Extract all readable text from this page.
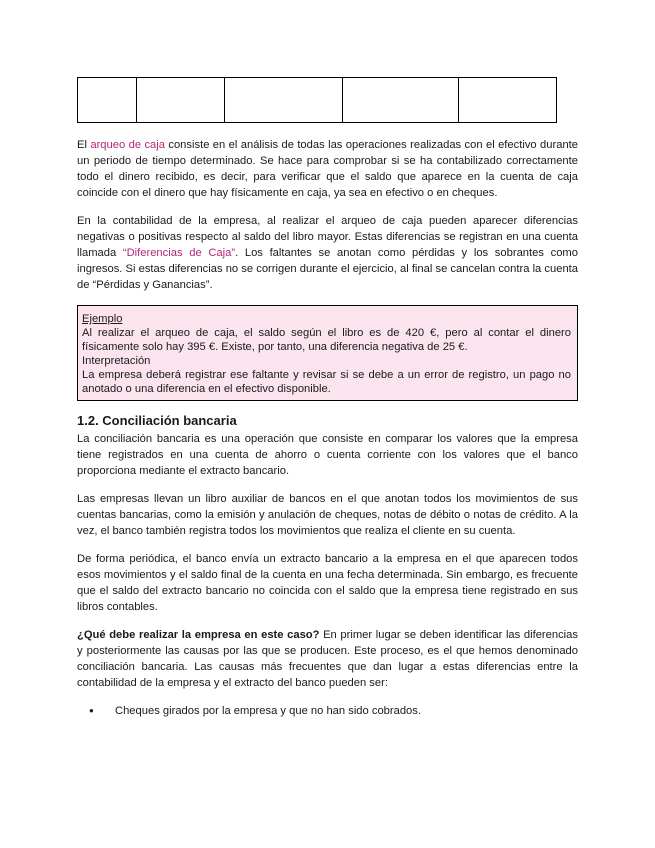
El arqueo de caja consiste en el análisis de todas las operaciones realizadas con el efectivo durante un periodo de tiempo determinado. Se hace para comprobar si se ha contabilizado correctamente todo el dinero recibido, es decir, para verificar que el saldo que aparece en la cuenta de caja coincide con el dinero que hay físicamente en caja, ya sea en efectivo o en cheques.

En la contabilidad de la empresa, al realizar el arqueo de caja pueden aparecer diferencias negativas o positivas respecto al saldo del libro mayor. Estas diferencias se registran en una cuenta llamada “Diferencias de Caja”. Los faltantes se anotan como pérdidas y los sobrantes como ingresos. Si estas diferencias no se corrigen durante el ejercicio, al final se cancelan contra la cuenta de “Pérdidas y Ganancias”.

Ejemplo
Al realizar el arqueo de caja, el saldo según el libro es de 420 €, pero al contar el dinero físicamente solo hay 395 €. Existe, por tanto, una diferencia negativa de 25 €.
Interpretación
La empresa deberá registrar ese faltante y revisar si se debe a un error de registro, un pago no anotado o una diferencia en el efectivo disponible.
1.2. Conciliación bancaria

La conciliación bancaria es una operación que consiste en comparar los valores que la empresa tiene registrados en una cuenta de ahorro o cuenta corriente con los valores que el banco proporciona mediante el extracto bancario.

Las empresas llevan un libro auxiliar de bancos en el que anotan todos los movimientos de sus cuentas bancarias, como la emisión y anulación de cheques, notas de débito o notas de crédito. A la vez, el banco también registra todos los movimientos que realiza el cliente en su cuenta.

De forma periódica, el banco envía un extracto bancario a la empresa en el que aparecen todos esos movimientos y el saldo final de la cuenta en una fecha determinada. Sin embargo, es frecuente que el saldo del extracto bancario no coincida con el saldo que la empresa tiene registrado en sus libros contables.

¿Qué debe realizar la empresa en este caso? En primer lugar se deben identificar las diferencias y posteriormente las causas por las que se producen. Este proceso, es el que hemos denominado conciliación bancaria. Las causas más frecuentes que dan lugar a estas diferencias entre la contabilidad de la empresa y el extracto del banco pueden ser:

● Cheques girados por la empresa y que no han sido cobrados.
